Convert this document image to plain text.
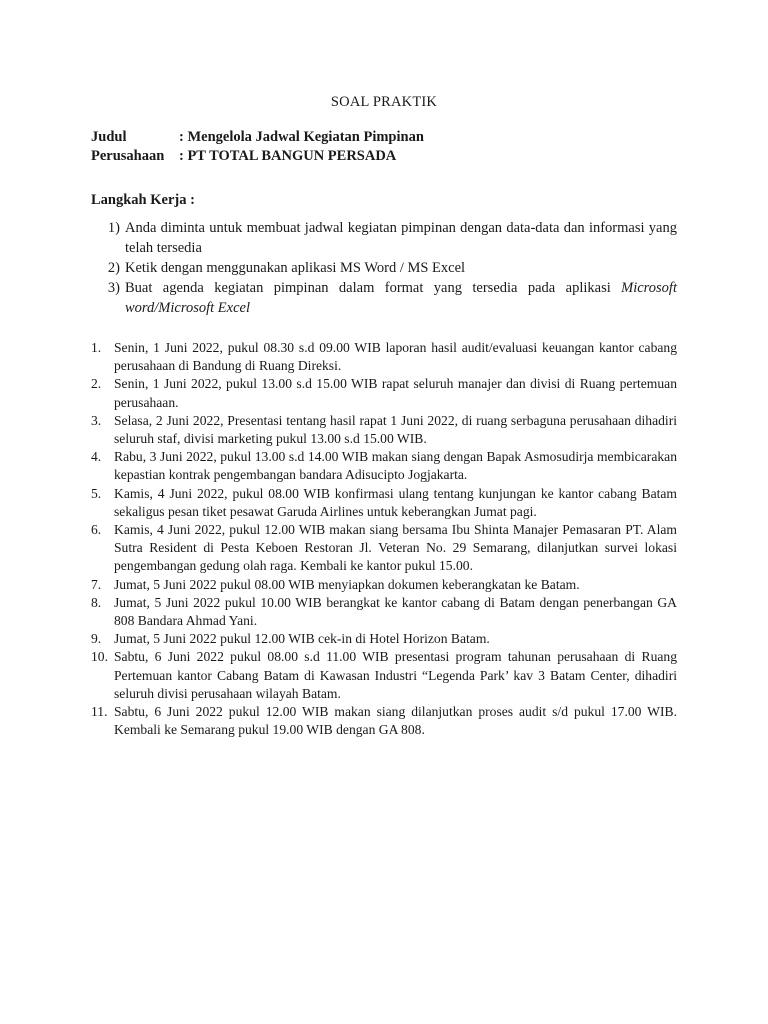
SOAL PRAKTIK
Judul	: Mengelola Jadwal Kegiatan Pimpinan
Perusahaan	: PT TOTAL BANGUN PERSADA
Langkah Kerja :
1) Anda diminta untuk membuat jadwal kegiatan pimpinan dengan data-data dan informasi yang telah tersedia
2) Ketik dengan menggunakan aplikasi MS Word / MS Excel
3) Buat agenda kegiatan pimpinan dalam format yang tersedia pada aplikasi Microsoft word/Microsoft Excel
1. Senin, 1 Juni 2022, pukul 08.30 s.d 09.00 WIB laporan hasil audit/evaluasi keuangan kantor cabang perusahaan di Bandung di Ruang Direksi.
2. Senin, 1 Juni 2022, pukul 13.00 s.d 15.00 WIB rapat seluruh manajer dan divisi di Ruang pertemuan perusahaan.
3. Selasa, 2 Juni 2022, Presentasi tentang hasil rapat 1 Juni 2022, di ruang serbaguna perusahaan dihadiri seluruh staf, divisi marketing pukul 13.00 s.d 15.00 WIB.
4. Rabu, 3 Juni 2022, pukul 13.00 s.d 14.00 WIB makan siang dengan Bapak Asmosudirja membicarakan kepastian kontrak pengembangan bandara Adisucipto Jogjakarta.
5. Kamis, 4 Juni 2022, pukul 08.00 WIB konfirmasi ulang tentang kunjungan ke kantor cabang Batam sekaligus pesan tiket pesawat Garuda Airlines untuk keberangkan Jumat pagi.
6. Kamis, 4 Juni 2022, pukul 12.00 WIB makan siang bersama Ibu Shinta Manajer Pemasaran PT. Alam Sutra Resident di Pesta Keboen Restoran Jl. Veteran No. 29 Semarang, dilanjutkan survei lokasi pengembangan gedung olah raga. Kembali ke kantor pukul 15.00.
7. Jumat, 5 Juni 2022 pukul 08.00 WIB menyiapkan dokumen keberangkatan ke Batam.
8. Jumat, 5 Juni 2022 pukul 10.00 WIB berangkat ke kantor cabang di Batam dengan penerbangan GA 808 Bandara Ahmad Yani.
9. Jumat, 5 Juni 2022 pukul 12.00 WIB cek-in di Hotel Horizon Batam.
10. Sabtu, 6 Juni 2022 pukul 08.00 s.d 11.00 WIB presentasi program tahunan perusahaan di Ruang Pertemuan kantor Cabang Batam di Kawasan Industri “Legenda Park’ kav 3 Batam Center, dihadiri seluruh divisi perusahaan wilayah Batam.
11. Sabtu, 6 Juni 2022 pukul 12.00 WIB makan siang dilanjutkan proses audit s/d pukul 17.00 WIB. Kembali ke Semarang pukul 19.00 WIB dengan GA 808.
